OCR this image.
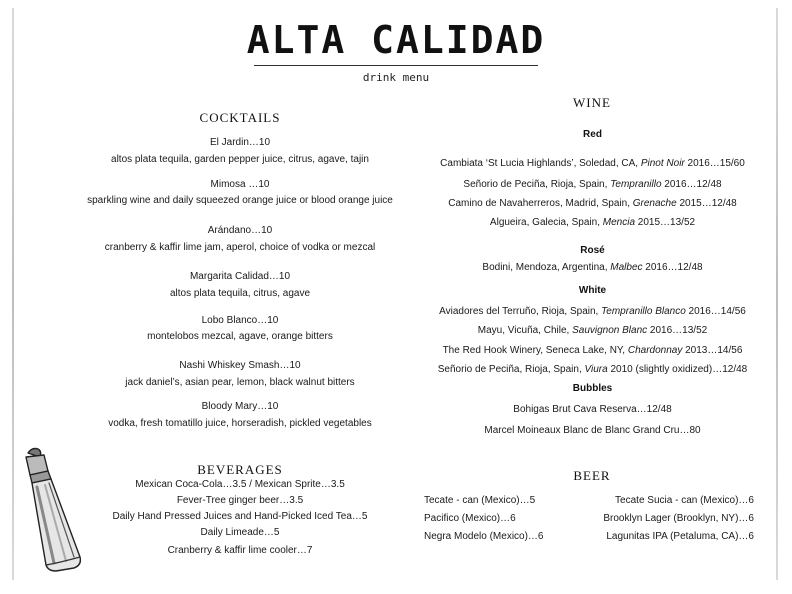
ALTA CALIDAD
drink menu
COCKTAILS
El Jardin…10
altos plata tequila, garden pepper juice, citrus, agave, tajin
Mimosa …10
sparkling wine and daily squeezed orange juice or blood orange juice
Arándano…10
cranberry & kaffir lime jam, aperol, choice of vodka or mezcal
Margarita Calidad…10
altos plata tequila, citrus, agave
Lobo Blanco…10
montelobos mezcal, agave, orange bitters
Nashi Whiskey Smash…10
jack daniel’s, asian pear, lemon, black walnut bitters
Bloody Mary…10
vodka, fresh tomatillo juice, horseradish, pickled vegetables
BEVERAGES
Mexican Coca-Cola…3.5 / Mexican Sprite…3.5
Fever-Tree ginger beer…3.5
Daily Hand Pressed Juices and Hand-Picked Iced Tea…5
Daily Limeade…5
Cranberry & kaffir lime cooler…7
WINE
Red
Cambiata ‘St Lucia Highlands’, Soledad, CA, Pinot Noir 2016…15/60
Señorio de Peciña, Rioja, Spain, Tempranillo 2016…12/48
Camino de Navaherreros, Madrid, Spain, Grenache 2015…12/48
Algueira, Galecia, Spain, Mencia 2015…13/52
Rosé
Bodini, Mendoza, Argentina, Malbec 2016…12/48
White
Aviadores del Terruño, Rioja, Spain, Tempranillo Blanco 2016…14/56
Mayu, Vicuña, Chile, Sauvignon Blanc 2016…13/52
The Red Hook Winery, Seneca Lake, NY, Chardonnay 2013…14/56
Señorio de Peciña, Rioja, Spain, Viura 2010 (slightly oxidized)…12/48
Bubbles
Bohigas Brut Cava Reserva…12/48
Marcel Moineaux Blanc de Blanc Grand Cru…80
BEER
Tecate - can (Mexico)…5
Pacifico (Mexico)…6
Negra Modelo (Mexico)…6
Tecate Sucia - can (Mexico)…6
Brooklyn Lager (Brooklyn, NY)…6
Lagunitas IPA (Petaluma, CA)…6
